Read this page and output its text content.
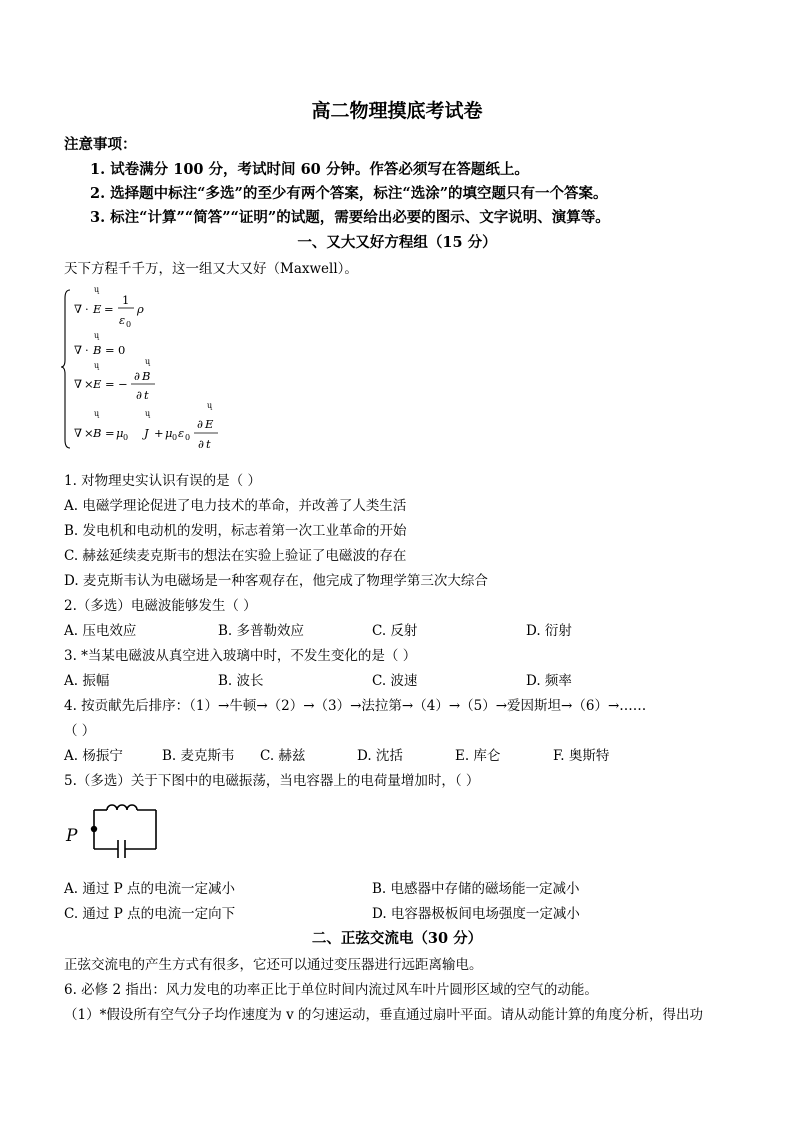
高二物理摸底考试卷
注意事项：
1. 试卷满分 100 分，考试时间 60 分钟。作答必须写在答题纸上。
2. 选择题中标注“多选”的至少有两个答案，标注“选涂”的填空题只有一个答案。
3. 标注“计算”“简答”“证明”的试题，需要给出必要的图示、文字说明、演算等。
一、又大又好方程组（15 分）
天下方程千千万，这一组又大又好（Maxwell）。
ų
∇ · E =
1
ε 0
ρ
ų
∇ · B = 0
ų	ų
∇ × E = −
∂ B
∂ t
ų	ų
ų
∇ × B = μ 0 J + μ 0 ε 0
∂ E
∂ t
1. 对物理史实认识有误的是（ ）
A. 电磁学理论促进了电力技术的革命，并改善了人类生活
B. 发电机和电动机的发明，标志着第一次工业革命的开始
C. 赫兹延续麦克斯韦的想法在实验上验证了电磁波的存在
D. 麦克斯韦认为电磁场是一种客观存在，他完成了物理学第三次大综合
2.（多选）电磁波能够发生（ ）
A. 压电效应	B. 多普勒效应	C. 反射	D. 衍射
3. *当某电磁波从真空进入玻璃中时，不发生变化的是（ ）
A. 振幅	B. 波长	C. 波速	D. 频率
4. 按贡献先后排序：（1）→牛顿→（2）→（3）→法拉第→（4）→（5）→爱因斯坦→（6）→……
（ ）
A. 杨振宁	B. 麦克斯韦 C. 赫兹	D. 沈括	E. 库仑	F. 奥斯特
5.（多选）关于下图中的电磁振荡，当电容器上的电荷量增加时，（ ）
P
A. 通过 P 点的电流一定减小	B. 电感器中存储的磁场能一定减小
C. 通过 P 点的电流一定向下	D. 电容器极板间电场强度一定减小
二、正弦交流电（30 分）
正弦交流电的产生方式有很多，它还可以通过变压器进行远距离输电。
6. 必修 2 指出：风力发电的功率正比于单位时间内流过风车叶片圆形区域的空气的动能。
（1）*假设所有空气分子均作速度为 v 的匀速运动，垂直通过扇叶平面。请从动能计算的角度分析，得出功
